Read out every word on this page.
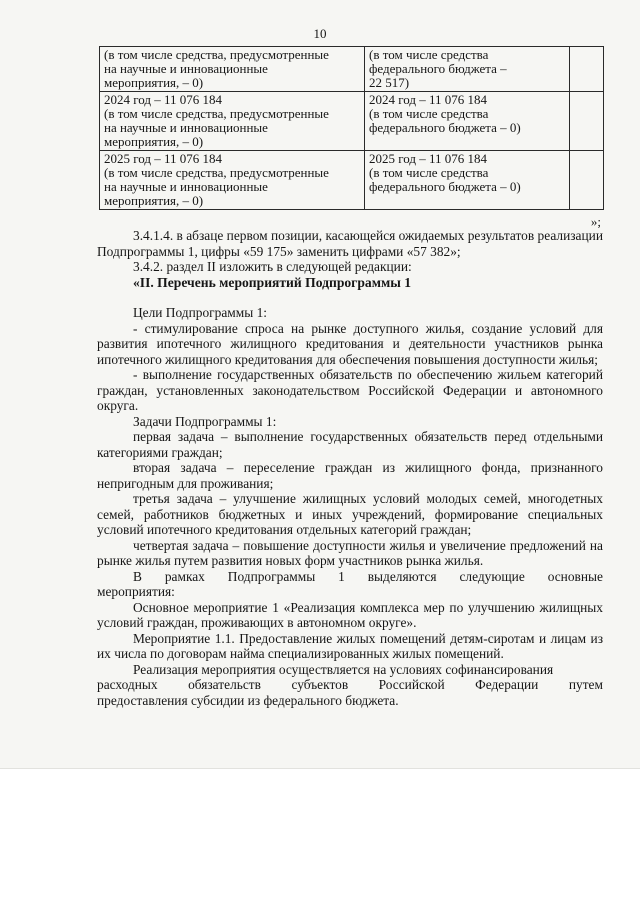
10
(в том числе средства, предусмотренные
на научные и инновационные
мероприятия, – 0)	(в том числе средства
федерального бюджета –
22 517)	

2024 год – 11 076 184
(в том числе средства, предусмотренные
на научные и инновационные
мероприятия, – 0)	2024 год – 11 076 184
(в том числе средства
федерального бюджета – 0)	

2025 год – 11 076 184
(в том числе средства, предусмотренные
на научные и инновационные
мероприятия, – 0)	2025 год – 11 076 184
(в том числе средства
федерального бюджета – 0)	

»;

3.4.1.4. в абзаце первом позиции, касающейся ожидаемых результатов реализации Подпрограммы 1, цифры «59 175» заменить цифрами «57 382»;

3.4.2. раздел II изложить в следующей редакции:

«II. Перечень мероприятий Подпрограммы 1

Цели Подпрограммы 1:

- стимулирование спроса на рынке доступного жилья, создание условий для развития ипотечного жилищного кредитования и деятельности участников рынка ипотечного жилищного кредитования для обеспечения повышения доступности жилья;

- выполнение государственных обязательств по обеспечению жильем категорий граждан, установленных законодательством Российской Федерации и автономного округа.

Задачи Подпрограммы 1:

первая задача – выполнение государственных обязательств перед отдельными категориями граждан;

вторая задача – переселение граждан из жилищного фонда, признанного непригодным для проживания;

третья задача – улучшение жилищных условий молодых семей, многодетных семей, работников бюджетных и иных учреждений, формирование специальных условий ипотечного кредитования отдельных категорий граждан;

четвертая задача – повышение доступности жилья и увеличение предложений на рынке жилья путем развития новых форм участников рынка жилья.

В рамках Подпрограммы 1 выделяются следующие основные
мероприятия:

Основное мероприятие 1 «Реализация комплекса мер по улучшению жилищных условий граждан, проживающих в автономном округе».

Мероприятие 1.1. Предоставление жилых помещений детям-сиротам и лицам из их числа по договорам найма специализированных жилых помещений.

Реализация мероприятия осуществляется на условиях софинансирования

расходных обязательств субъектов Российской Федерации путем
предоставления субсидии из федерального бюджета.
